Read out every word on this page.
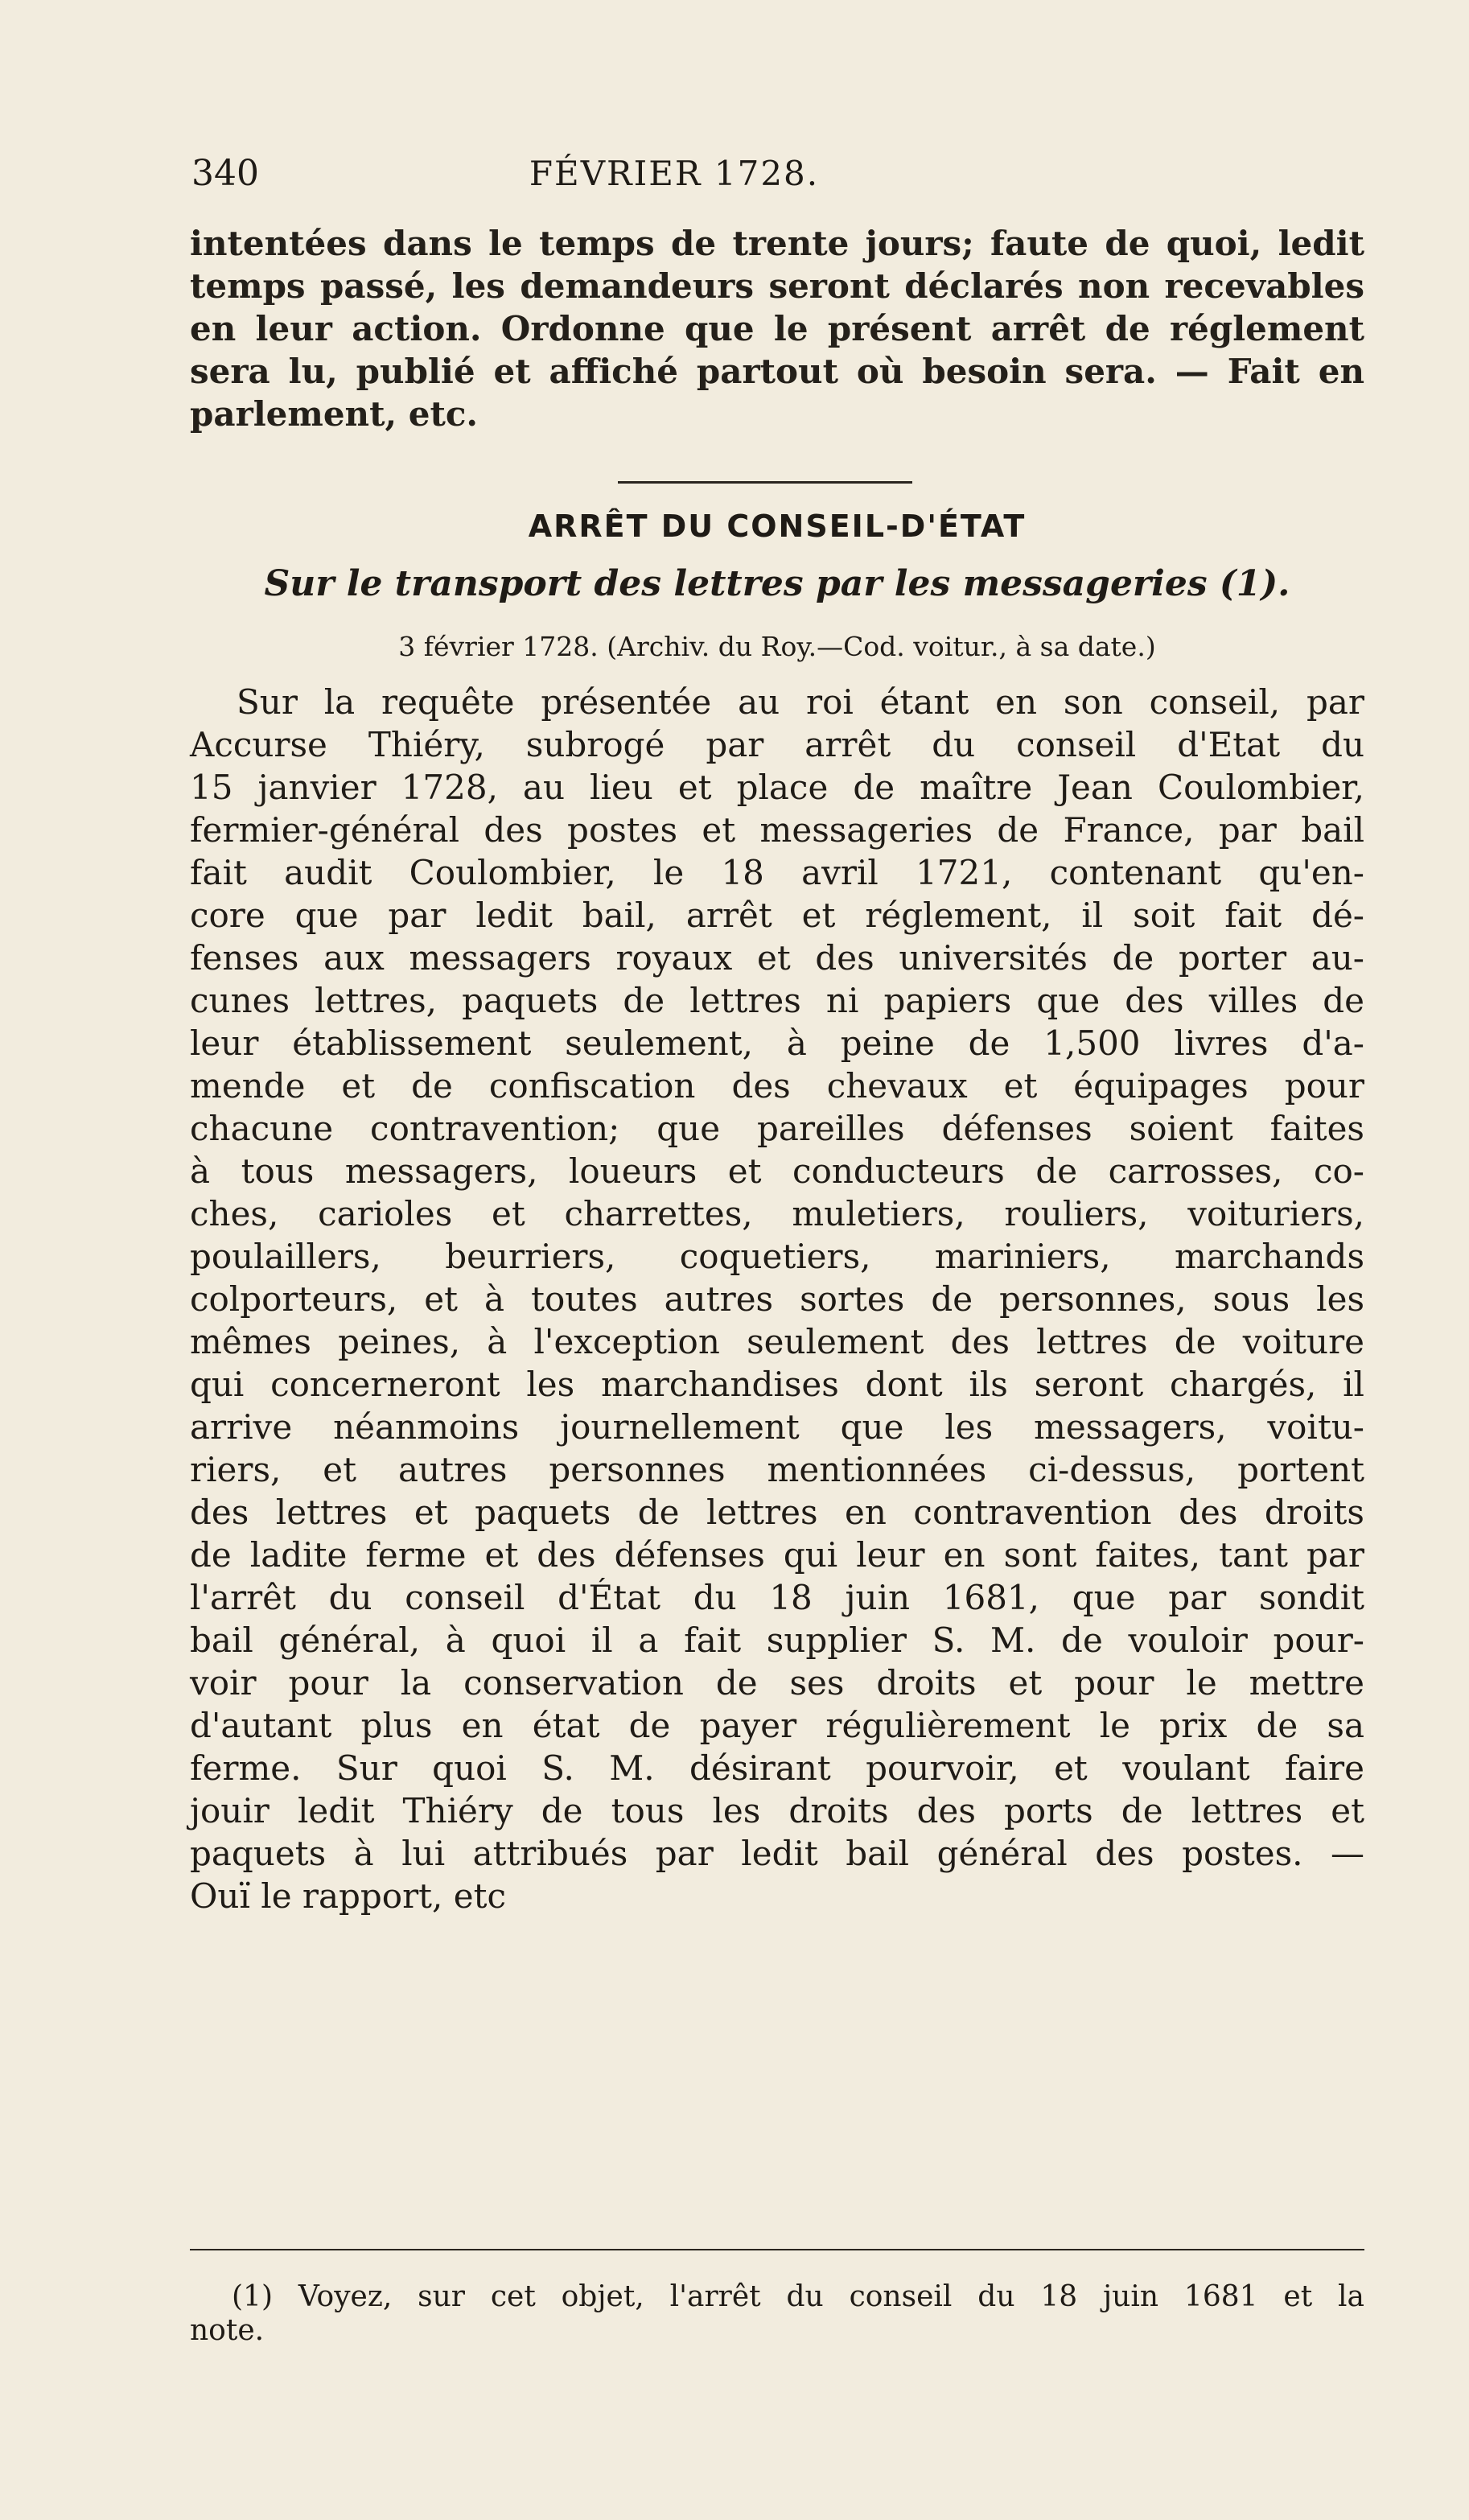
340	FÉVRIER 1728.
intentées dans le temps de trente jours; faute de quoi, ledit
temps passé, les demandeurs seront déclarés non recevables
en leur action. Ordonne que le présent arrêt de réglement
sera lu, publié et affiché partout où besoin sera. — Fait en
parlement, etc.
ARRÊT DU CONSEIL-D'ÉTAT
Sur le transport des lettres par les messageries (1).
3 février 1728. (Archiv. du Roy.—Cod. voitur., à sa date.)
Sur la requête présentée au roi étant en son conseil, par
Accurse Thiéry, subrogé par arrêt du conseil d'Etat du
15 janvier 1728, au lieu et place de maître Jean Coulombier,
fermier-général des postes et messageries de France, par bail
fait audit Coulombier, le 18 avril 1721, contenant qu'en-
core que par ledit bail, arrêt et réglement, il soit fait dé-
fenses aux messagers royaux et des universités de porter au-
cunes lettres, paquets de lettres ni papiers que des villes de
leur établissement seulement, à peine de 1,500 livres d'a-
mende et de confiscation des chevaux et équipages pour
chacune contravention; que pareilles défenses soient faites
à tous messagers, loueurs et conducteurs de carrosses, co-
ches, carioles et charrettes, muletiers, rouliers, voituriers,
poulaillers, beurriers, coquetiers, mariniers, marchands
colporteurs, et à toutes autres sortes de personnes, sous les
mêmes peines, à l'exception seulement des lettres de voiture
qui concerneront les marchandises dont ils seront chargés, il
arrive néanmoins journellement que les messagers, voitu-
riers, et autres personnes mentionnées ci-dessus, portent
des lettres et paquets de lettres en contravention des droits
de ladite ferme et des défenses qui leur en sont faites, tant par
l'arrêt du conseil d'État du 18 juin 1681, que par sondit
bail général, à quoi il a fait supplier S. M. de vouloir pour-
voir pour la conservation de ses droits et pour le mettre
d'autant plus en état de payer régulièrement le prix de sa
ferme. Sur quoi S. M. désirant pourvoir, et voulant faire
jouir ledit Thiéry de tous les droits des ports de lettres et
paquets à lui attribués par ledit bail général des postes. —
Ouï le rapport, etc
(1) Voyez, sur cet objet, l'arrêt du conseil du 18 juin 1681 et la
note.
